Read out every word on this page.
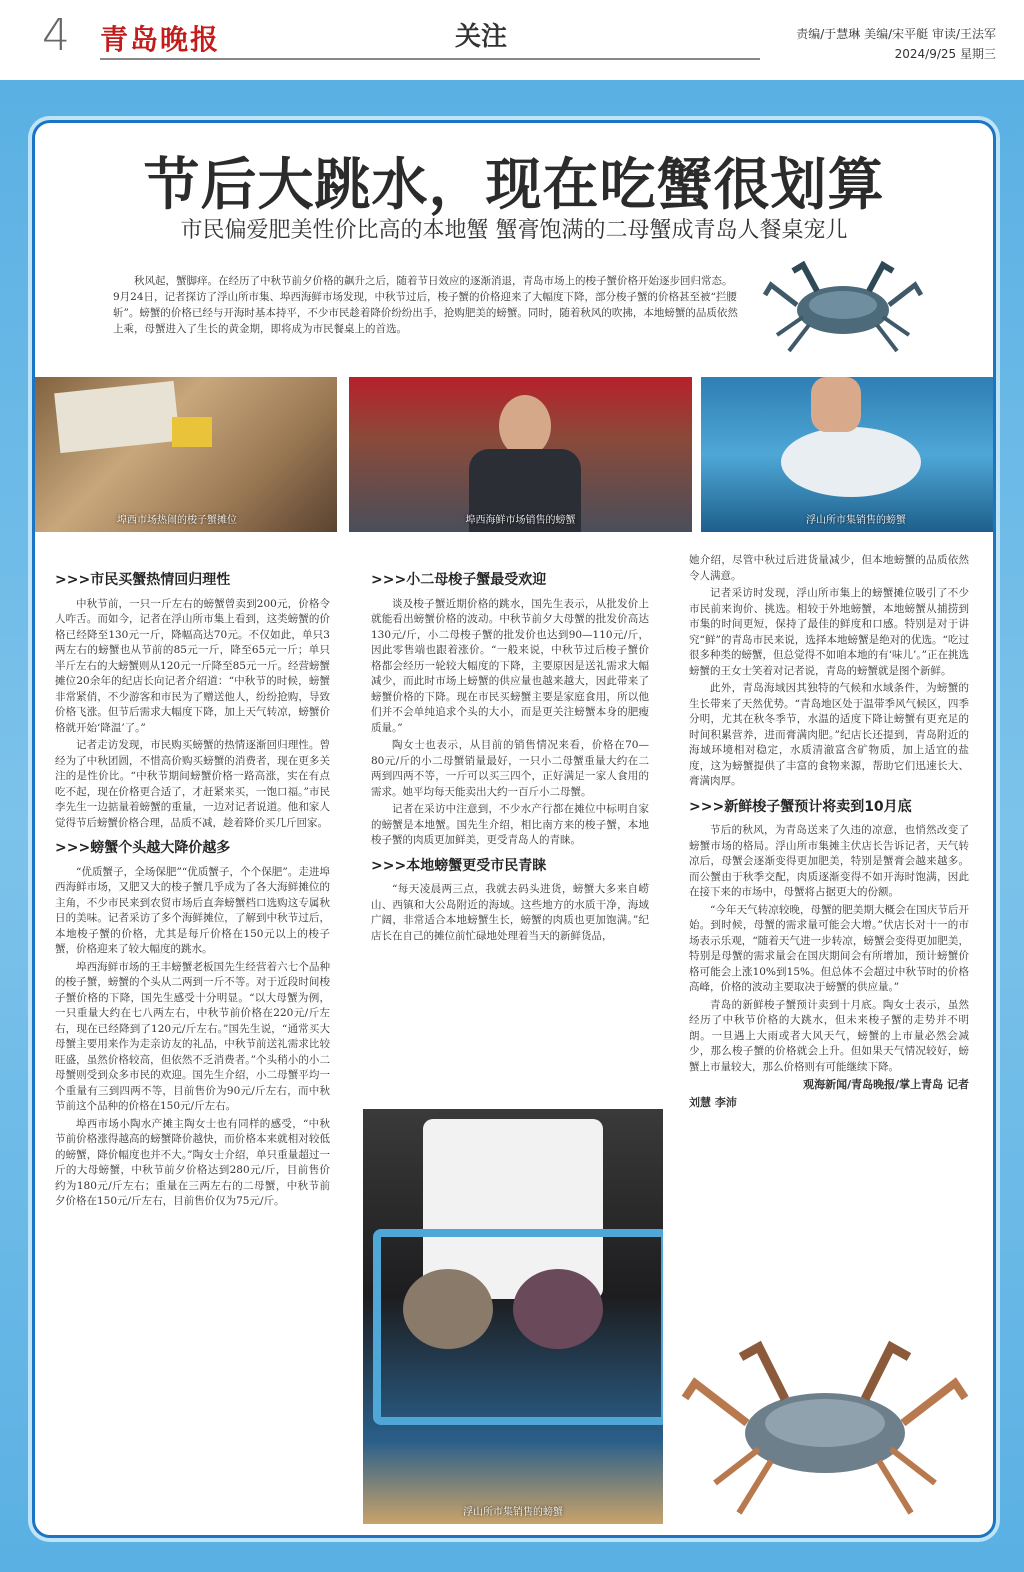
4 青岛晚报	关注	责编/于慧琳 美编/宋平艇 审读/王法军
2024/9/25 星期三
节后大跳水，现在吃蟹很划算
市民偏爱肥美性价比高的本地蟹 蟹膏饱满的二母蟹成青岛人餐桌宠儿
秋风起，蟹脚痒。在经历了中秋节前夕价格的飙升之后，随着节日效应的逐渐消退，青岛市场上的梭子蟹价格开始逐步回归常态。9月24日，记者探访了浮山所市集、埠西海鲜市场发现，中秋节过后，梭子蟹的价格迎来了大幅度下降，部分梭子蟹的价格甚至被“拦腰斩”。螃蟹的价格已经与开海时基本持平，不少市民趁着降价纷纷出手，抢购肥美的螃蟹。同时，随着秋风的吹拂，本地螃蟹的品质依然上乘，母蟹进入了生长的黄金期，即将成为市民餐桌上的首选。
埠西市场热闹的梭子蟹摊位	埠西海鲜市场销售的螃蟹	浮山所市集销售的螃蟹

>>>市民买蟹热情回归理性

中秋节前，一只一斤左右的螃蟹曾卖到200元，价格令人咋舌。而如今，记者在浮山所市集上看到，这类螃蟹的价格已经降至130元一斤，降幅高达70元。不仅如此，单只3两左右的螃蟹也从节前的85元一斤，降至65元一斤；单只半斤左右的大螃蟹则从120元一斤降至85元一斤。经营螃蟹摊位20余年的纪店长向记者介绍道：“中秋节的时候，螃蟹非常紧俏，不少游客和市民为了赠送他人，纷纷抢购，导致价格飞涨。但节后需求大幅度下降，加上天气转凉，螃蟹价格就开始‘降温’了。”

记者走访发现，市民购买螃蟹的热情逐渐回归理性。曾经为了中秋团圆，不惜高价购买螃蟹的消费者，现在更多关注的是性价比。“中秋节期间螃蟹价格一路高涨，实在有点吃不起，现在价格更合适了，才赶紧来买，一饱口福。”市民李先生一边掂量着螃蟹的重量，一边对记者说道。他和家人觉得节后螃蟹价格合理，品质不减，趁着降价买几斤回家。

>>>螃蟹个头越大降价越多

“优质蟹子，全场保肥”“优质蟹子，个个保肥”。走进埠西海鲜市场，又肥又大的梭子蟹几乎成为了各大海鲜摊位的主角，不少市民来到农贸市场后直奔螃蟹档口选购这专属秋日的美味。记者采访了多个海鲜摊位，了解到中秋节过后，本地梭子蟹的价格，尤其是每斤价格在150元以上的梭子蟹，价格迎来了较大幅度的跳水。

埠西海鲜市场的王丰螃蟹老板国先生经营着六七个品种的梭子蟹，螃蟹的个头从二两到一斤不等。对于近段时间梭子蟹价格的下降，国先生感受十分明显。“以大母蟹为例，一只重量大约在七八两左右，中秋节前价格在220元/斤左右，现在已经降到了120元/斤左右。”国先生说，“通常买大母蟹主要用来作为走亲访友的礼品，中秋节前送礼需求比较旺盛，虽然价格较高，但依然不乏消费者。”个头稍小的小二母蟹则受到众多市民的欢迎。国先生介绍，小二母蟹平均一个重量有三到四两不等，目前售价为90元/斤左右，而中秋节前这个品种的价格在150元/斤左右。

埠西市场小陶水产摊主陶女士也有同样的感受，“中秋节前价格涨得越高的螃蟹降价越快，而价格本来就相对较低的螃蟹，降价幅度也并不大。”陶女士介绍，单只重量超过一斤的大母螃蟹，中秋节前夕价格达到280元/斤，目前售价约为180元/斤左右；重量在三两左右的二母蟹，中秋节前夕价格在150元/斤左右，目前售价仅为75元/斤。

>>>小二母梭子蟹最受欢迎

谈及梭子蟹近期价格的跳水，国先生表示，从批发价上就能看出螃蟹价格的波动。中秋节前夕大母蟹的批发价高达130元/斤，小二母梭子蟹的批发价也达到90—110元/斤，因此零售端也跟着涨价。“一般来说，中秋节过后梭子蟹价格都会经历一轮较大幅度的下降，主要原因是送礼需求大幅减少，而此时市场上螃蟹的供应量也越来越大，因此带来了螃蟹价格的下降。现在市民买螃蟹主要是家庭食用，所以他们并不会单纯追求个头的大小，而是更关注螃蟹本身的肥瘦质量。”

陶女士也表示，从目前的销售情况来看，价格在70—80元/斤的小二母蟹销量最好，一只小二母蟹重量大约在二两到四两不等，一斤可以买三四个，正好满足一家人食用的需求。她平均每天能卖出大约一百斤小二母蟹。

记者在采访中注意到，不少水产行都在摊位中标明自家的螃蟹是本地蟹。国先生介绍，相比南方来的梭子蟹，本地梭子蟹的肉质更加鲜美，更受青岛人的青睐。

>>>本地螃蟹更受市民青睐

“每天凌晨两三点，我就去码头进货，螃蟹大多来自崂山、西镇和大公岛附近的海域。这些地方的水质干净，海域广阔，非常适合本地螃蟹生长，螃蟹的肉质也更加饱满。”纪店长在自己的摊位前忙碌地处理着当天的新鲜货品，

浮山所市集销售的螃蟹

她介绍，尽管中秋过后进货量减少，但本地螃蟹的品质依然令人满意。

记者采访时发现，浮山所市集上的螃蟹摊位吸引了不少市民前来询价、挑选。相较于外地螃蟹，本地螃蟹从捕捞到市集的时间更短，保持了最佳的鲜度和口感。特别是对于讲究“鲜”的青岛市民来说，选择本地螃蟹是绝对的优选。“吃过很多种类的螃蟹，但总觉得不如咱本地的有‘味儿’。”正在挑选螃蟹的王女士笑着对记者说，青岛的螃蟹就是图个新鲜。

此外，青岛海域因其独特的气候和水域条件，为螃蟹的生长带来了天然优势。“青岛地区处于温带季风气候区，四季分明，尤其在秋冬季节，水温的适度下降让螃蟹有更充足的时间积累营养，进而膏满肉肥。”纪店长还提到，青岛附近的海域环境相对稳定，水质清澈富含矿物质，加上适宜的盐度，这为螃蟹提供了丰富的食物来源，帮助它们迅速长大、膏满肉厚。

>>>新鲜梭子蟹预计将卖到10月底

节后的秋风，为青岛送来了久违的凉意，也悄然改变了螃蟹市场的格局。浮山所市集摊主伏店长告诉记者，天气转凉后，母蟹会逐渐变得更加肥美，特别是蟹膏会越来越多。而公蟹由于秋季交配，肉质逐渐变得不如开海时饱满，因此在接下来的市场中，母蟹将占据更大的份额。

“今年天气转凉较晚，母蟹的肥美期大概会在国庆节后开始。到时候，母蟹的需求量可能会大增。”伏店长对十一的市场表示乐观，“随着天气进一步转凉，螃蟹会变得更加肥美，特别是母蟹的需求量会在国庆期间会有所增加，预计螃蟹价格可能会上涨10%到15%。但总体不会超过中秋节时的价格高峰，价格的波动主要取决于螃蟹的供应量。”

青岛的新鲜梭子蟹预计卖到十月底。陶女士表示，虽然经历了中秋节价格的大跳水，但未来梭子蟹的走势并不明朗。一旦遇上大雨或者大风天气，螃蟹的上市量必然会减少，那么梭子蟹的价格就会上升。但如果天气情况较好，螃蟹上市量较大，那么价格则有可能继续下降。

观海新闻/青岛晚报/掌上青岛 记者

刘慧 李沛
